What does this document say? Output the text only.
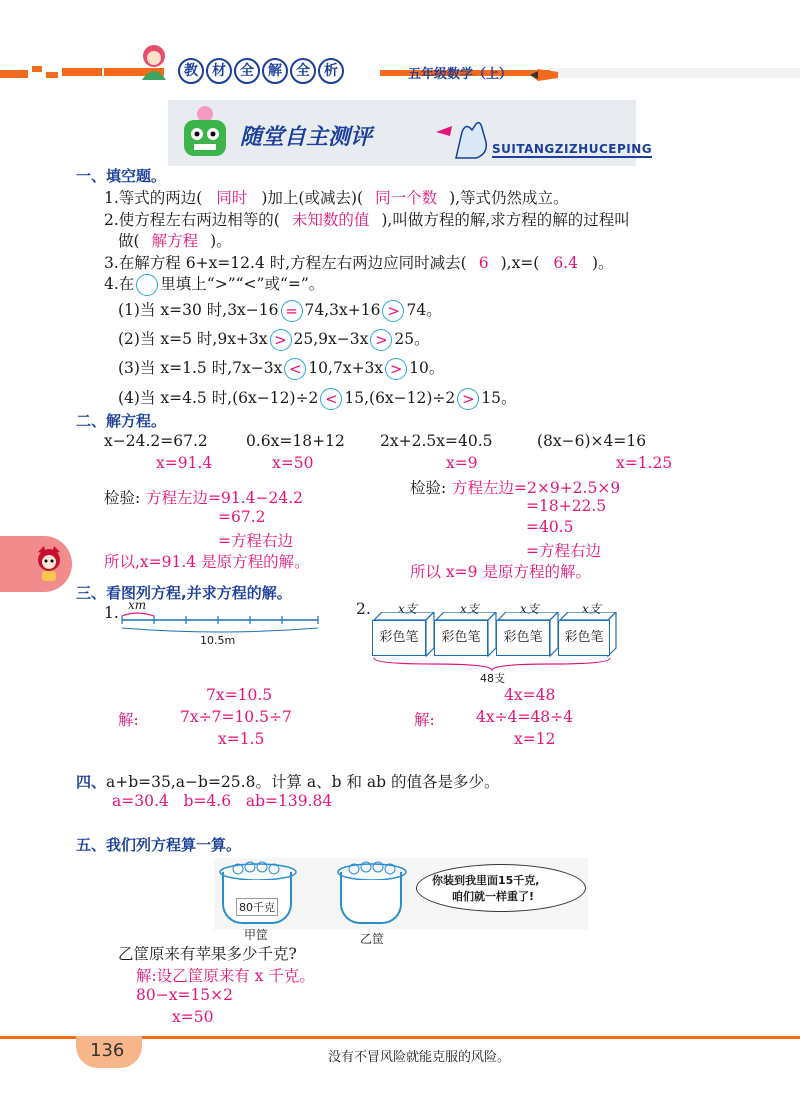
教 材 全 解 全 析	五年级数学（上）
随堂自主测评	SUITANGZIZHUCEPING
一、填空题。
1.等式的两边( 同时 )加上(或减去)( 同一个数 ),等式仍然成立。
2.使方程左右两边相等的( 未知数的值 ),叫做方程的解,求方程的解的过程叫
做( 解方程 )。
3.在解方程 6+x=12.4 时,方程左右两边应同时减去( 6 ),x=( 6.4 )。
4.在 里填上“>”“<”或“=”。
(1)当 x=30 时,3x−16 = 74,3x+16 > 74。
(2)当 x=5 时,9x+3x > 25,9x−3x > 25。
(3)当 x=1.5 时,7x−3x < 10,7x+3x > 10。
(4)当 x=4.5 时,(6x−12)÷2 < 15,(6x−12)÷2 > 15。
二、解方程。
x−24.2=67.2 0.6x=18+12 2x+2.5x=40.5	(8x−6)×4=16
x=91.4	x=50	x=9	x=1.25
检验: 方程左边=91.4−24.2
=67.2
=方程右边
所以,x=91.4 是原方程的解。
检验: 方程左边=2×9+2.5×9
=18+22.5
=40.5
=方程右边
所以 x=9 是原方程的解。
三、看图列方程,并求方程的解。
1. xm
10.5m
2. x支	x支	x支	x支
彩色笔	彩色笔	彩色笔	彩色笔
48支
7x=10.5
解:	7x÷7=10.5÷7
x=1.5
4x=48
解:	4x÷4=48÷4
x=12
四、a+b=35,a−b=25.8。计算 a、b 和 ab 的值各是多少。
a=30.4   b=4.6   ab=139.84
五、我们列方程算一算。
80千克
甲筐	乙筐
你装到我里面15千克,
咱们就一样重了!
乙筐原来有苹果多少千克?
解:设乙筐原来有 x 千克。
80−x=15×2
x=50
136	没有不冒风险就能克服的风险。
